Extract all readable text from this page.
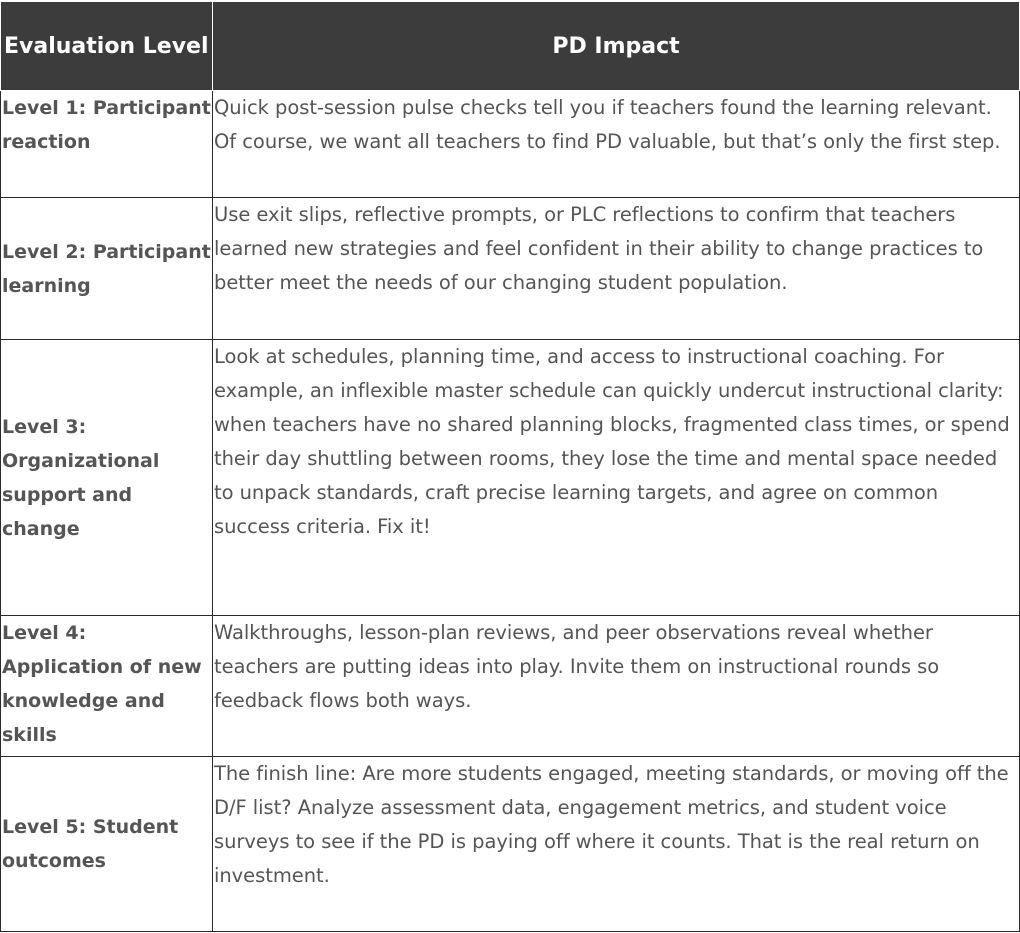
Evaluation Level	PD Impact
Level 1: Participant reaction	Quick post-session pulse checks tell you if teachers found the learning relevant. Of course, we want all teachers to find PD valuable, but that’s only the first step.
Level 2: Participant learning	Use exit slips, reflective prompts, or PLC reflections to confirm that teachers learned new strategies and feel confident in their ability to change practices to better meet the needs of our changing student population.
Level 3: Organizational support and change	Look at schedules, planning time, and access to instructional coaching. For example, an inflexible master schedule can quickly undercut instructional clarity: when teachers have no shared planning blocks, fragmented class times, or spend their day shuttling between rooms, they lose the time and mental space needed to unpack standards, craft precise learning targets, and agree on common success criteria. Fix it!
Level 4: Application of new knowledge and skills	Walkthroughs, lesson-plan reviews, and peer observations reveal whether teachers are putting ideas into play. Invite them on instructional rounds so feedback flows both ways.
Level 5: Student outcomes	The finish line: Are more students engaged, meeting standards, or moving off the D/F list? Analyze assessment data, engagement metrics, and student voice surveys to see if the PD is paying off where it counts. That is the real return on investment.
